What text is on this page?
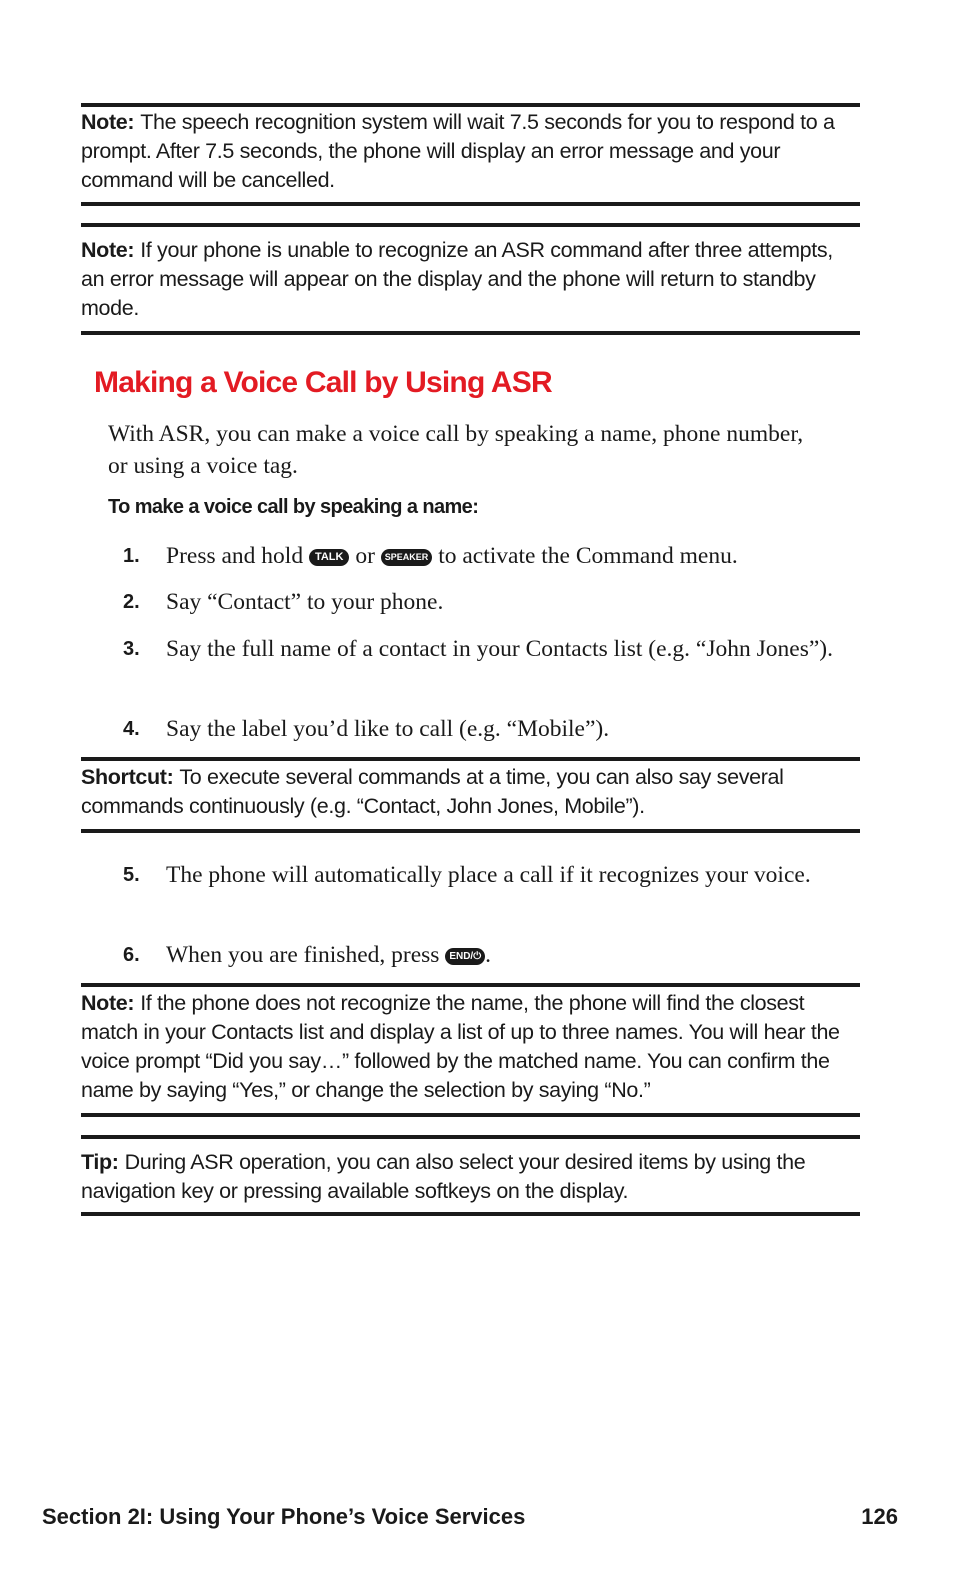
Note: The speech recognition system will wait 7.5 seconds for you to respond to a prompt. After 7.5 seconds, the phone will display an error message and your command will be cancelled.
Note: If your phone is unable to recognize an ASR command after three attempts, an error message will appear on the display and the phone will return to standby mode.
Making a Voice Call by Using ASR
With ASR, you can make a voice call by speaking a name, phone number, or using a voice tag.
To make a voice call by speaking a name:
1. Press and hold TALK or SPEAKER to activate the Command menu.
2. Say “Contact” to your phone.
3. Say the full name of a contact in your Contacts list (e.g. “John Jones”).
4. Say the label you’d like to call (e.g. “Mobile”).
Shortcut: To execute several commands at a time, you can also say several commands continuously (e.g. “Contact, John Jones, Mobile”).
5. The phone will automatically place a call if it recognizes your voice.
6. When you are finished, press END/⏻ .
Note: If the phone does not recognize the name, the phone will find the closest match in your Contacts list and display a list of up to three names. You will hear the voice prompt “Did you say…” followed by the matched name. You can confirm the name by saying “Yes,” or change the selection by saying “No.”
Tip: During ASR operation, you can also select your desired items by using the navigation key or pressing available softkeys on the display.
Section 2I: Using Your Phone’s Voice Services	126
